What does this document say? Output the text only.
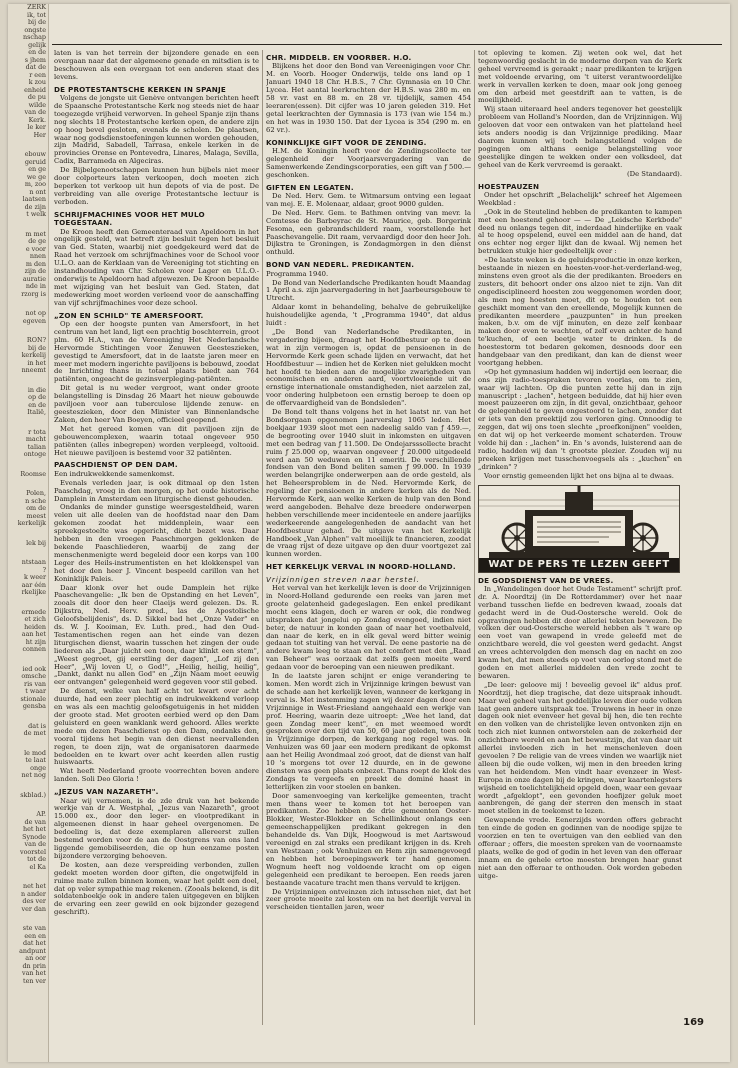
ZERK

ik, tot

bij de

ongste

nschap

gelijk

en de

s jhem

dat de

r een

k zou

enheid

de pu

wilde

van de

Kerk.

le ker

Her

ebouw

geruid

en ge

we ge

m, zoo

n ont

laatsen

de zijn

t welk

m met

de ge

e voor

nnen

m den

zijn de

auratie

nde in

rzorg is

not op

egeven

RON?

bij de

kerkelij

in het

nneemt

in die

op de

en de

Italië,

r tota

macht

talian

ontoge

Roomse

Polen,

n sche

om de

meest

kerkelijk

lek bij

ntstaan

?

k weer

aar één

rkelijke

ermede

et zich

heiden

aan het

ht zijn

connen

ied ook

omsche

ris van

t waar

stionale

gensba

dat is

de met

le mod

te laat

onge

net nog

skblad.)

AP.

de van

het het

Synode

van de

voorstel

tot de

el Ka

net het

n ander

des ver

ver dan

ste van

een en

dat het

andpunt

an oor

dn prin

van het

ten ver

laten is van het terrein der bijzondere genade en een overgaan naar dat der algemeene genade en mitsdien is te beschouwen als een overgaan tot een anderen staat des levens.

DE PROTESTANTSCHE KERKEN IN SPANJE

Volgens de jongste uit Genève ontvangen berichten heeft de Spaansche Protestantsche Kerk nog steeds niet de haar toegezegde vrijheid verworven. In geheel Spanje zijn thans nog slechts 18 Protestantsche kerken open, de andere zijn op hoog bevel gesloten, evenals de scholen. De plaatsen, waar nog godsdienstoefeningen kunnen worden gehouden, zijn Madrid, Sabadell, Tarrasa, enkele kerken in de provincies Orense en Pontevedra, Linares, Malaga, Sevilla, Cadix, Barrameda en Algeciras.

De Bijbelgenootschappen kunnen hun bijbels niet meer door colporteurs laten verkoopen, doch moeten zich beperken tot verkoop uit hun depots of via de post. De verbreiding van alle overige Protestantsche lectuur is verboden.

SCHRIJFMACHINES VOOR HET MULO TOEGESTAAN.

De Kroon heeft den Gemeenteraad van Apeldoorn in het ongelijk gesteld, wat betreft zijn besluit tegen het besluit van Ged. Staten, waarbij niet goedgekeurd werd dat de Raad het verzoek om schrijfmachines voor de School voor U.L.O. aan de Kerklaan van de Vereeniging tot stichting en instandhouding van Chr. Scholen voor Lager en U.L.O.-onderwijs te Apeldoorn had afgewezen. De Kroon bepaalde met wijziging van het besluit van Ged. Staten, dat medewerking moet worden verleend voor de aanschaffing van vijf schrijfmachines voor deze school.

„ZON EN SCHILD" TE AMERSFOORT.

Op een der hoogste punten van Amersfoort, in het centrum van het land, ligt een prachtig boschterrein, groot plm. 60 H.A., van de Vereeniging Het Nederlandsche Hervormde Stichtingen voor Zenuwen Geesteszieken, gevestigd te Amersfoort, dat in de laatste jaren meer en meer met modern ingerichte paviljoens is bebouwd, zoodat de Inrichting thans in totaal plaats biedt aan 764 patiënten, ongeacht de gezinsverpleging-patiënten.

Dit getal is nu weder vergroot, want onder groote belangstelling is Dinsdag 26 Maart het nieuw gebouwde paviljoen voor aan tuberculose lijdende zenuw- en geesteszieken, door den Minister van Binnenlandsche Zaken, den heer Van Boeyen, officieel geopend.

Met het gereed komen van dit paviljoen zijn de gebouwencomplexen, waarin totaal ongeveer 950 patiënten (alles inbegrepen) worden verpleegd, voltooid. Het nieuwe paviljoen is bestemd voor 32 patiënten.

PAASCHDIENST OP DEN DAM.

Een indrukwekkende samenkomst.

Evenals verleden jaar, is ook ditmaal op den 1sten Paaschdag, vroeg in den morgen, op het oude historische Damplein in Amsterdam een liturgische dienst gehouden.

Ondanks de minder gunstige weersgesteldheid, waren velen uit alle deelen van de hoofdstad naar den Dam gekomen zoodat het middenplein, waar een spreekgestoelte was opgericht, dicht bezet was. Daar hebben in den vroegen Paaschmorgen geklonken de bekende Paaschliederen, waarbij de zang der menschenmenigte werd begeleid door een korps van 100 Leger des Heils-instrumentisten en het klokkenspel van het door den heer J. Vincent bespeeld carillon van het Koninklijk Paleis.

Daar klonk over het oude Damplein het rijke Paaschevangelie: „Ik ben de Opstanding en het Leven", zooals dit door den heer Claeijs werd gelezen. Ds. R. Dijkstra, Ned. Herv. pred., las de Apostolische Geloofsbelijdenis", ds. D. Sikkel bad het „Onze Vader" en ds. W. J. Kooiman, Ev. Luth. pred., had den Oud-Testamentischen regen aan het einde van dezen liturgischen dienst, waarin tusschen het zingen der oude liederen als „Daar juicht een toon, daar klinkt een stem", „Weest gegroet, gij eerstling der dagen", „Lof zij den Heer", „Wij loven U, o God!", „Heilig, heilig, heilig", „Dankt, dankt nu allen God" en „Zijn Naam moet eeuwig eer ontvangen" gelegenheid werd gegeven voor stil gebed.

De dienst, welke van half acht tot kwart over acht duurde, had een zeer plechtig en indrukwekkend verloop en was als een machtig geloofsgetuigenis in het midden der groote stad. Met grooten eerbied werd op den Dam geluisterd en geen wanklank werd gehoord. Alles werkte mede om dezen Paaschdienst op den Dam, ondanks den, vooral tijdens het begin van den dienst neervallenden regen, te doen zijn, wat de organisatoren daarmede bedoelden en te kwart over acht keerden allen rustig huiswaarts.

Wat heeft Nederland groote voorrechten boven andere landen. Soli Deo Gloria !

„JEZUS VAN NAZARETH".

Naar wij vernemen, is de zde druk van het bekende werkje van dr A. Westphal, „Jezus van Nazareth", groot 15.000 ex., door den leger- en vlootpredikant in algemeenen dienst in haar geheel overgenomen. De bedoeling is, dat deze exemplaren allereerst zullen bestemd worden voor de aan de Oostgrens van ons land liggende gemobiliseerden, die op hun eenzame posten bijzondere verzorging behoeven.

De kosten, aan deze verspreiding verbonden, zullen gedekt moeten worden door giften, die ongetwijfeld in ruime mate zullen binnen komen, waar het geldt een doel, dat op veler sympathie mag rekenen. (Zooals bekend, is dit soldatenboekje ook in andere talen uitgegeven en blijken de ervaring een zeer gewild en ook bijzonder gezegend geschrift).

CHR. MIDDELB. EN VOORBER. H.O.

Blijkens het door den Bond van Vereenigingen voor Chr. M. en Voorb. Hooger Onderwijs, telde ons land op 1 Januari 1940 18 Chr. H.B.S., 7 Chr. Gymnasia en 10 Chr. Lycea. Het aantal leerkrachten der H.B.S. was 280 m. en 58 vr. vast en 88 m. en 28 vr. tijdelijk, samen 454 leeraren(essen). Dit cijfer was 10 jaren geleden 319. Het getal leerkrachten der Gymnasia is 173 (van wie 154 m.) en het was in 1930 150. Dat der Lycea is 354 (290 m. en 62 vr.).

KONINKLIJKE GIFT VOOR DE ZENDING.

H.M. de Koningin heeft voor de Zendingscollecte ter gelegenheid der Voorjaarsvergadering van de Samenwerkende Zendingscorporaties, een gift van ƒ 500.— geschonken.

GIFTEN EN LEGATEN.

De Ned. Herv. Gem. te Witmarsum ontving een legaat van mej. E. E. Molenaar, aldaar, groot 9000 gulden.

De Ned. Herv. Gem. te Bathmen ontving van mevr. la Comtesse de Barbeyrac de St. Maurice, geb. Borgerink Fesoma, een gebrandschilderd raam, voorstellende het Paaschevangelie. Dit raam, vervaardigd door den heer Joh. Dijkstra te Groningen, is Zondagmorgen in den dienst onthuld.

BOND VAN NEDERL. PREDIKANTEN.

Programma 1940.

De Bond van Nederlandsche Predikanten houdt Maandag 1 April a.s. zijn jaarvergadering in het Jaarbeursgebouw te Utrecht.

Aldaar komt in behandeling, behalve de gebruikelijke huishoudelijke agenda, 't „Programma 1940", dat aldus luidt :

„De Bond van Nederlandsche Predikanten, in vergadering bijeen, draagt het Hoofdbestuur op te doen wat in zijn vermogen is, opdat de pensioenen in de Hervormde Kerk geen schade lijden en verwacht, dat het Hoofdbestuur — indien het de Kerken niet gelukken mocht het hoofd te bieden aan de mogelijke zwarigheden van economischen en anderen aard, voortvloeiende uit de ernstige internationale omstandigheden, niet aarzelen zal, voor ondering hulpbetoon een ernstig beroep te doen op de offervaardigheid van de Bondsleden".

De Bond telt thans volgens het in het laatst nr. van het Bondsorgaan opgenomen jaarverslag 1065 leden. Het boekjaar 1939 sloot met een nadeelig saldo van ƒ 459.—, de begrooting over 1940 sluit in inkomsten en uitgaven met een bedrag van ƒ 11.500. De Ondejarsssollecte bracht ruim ƒ 25.000 op, waarvan ongeveer ƒ 20.000 uitgedeeld werd aan 50 weduwen en 11 emeriti. De verschillende fondsen van den Bond beliten samen ƒ 99.000. In 1939 werden belangrijke onderwerpen aan de orde gesteld, als het Beheersproblem in de Ned. Hervormde Kerk, de regeling der pensioenen in andere kerken als de Ned. Hervormde Kerk, aan welke Kerken de hulp van den Bond werd aangeboden. Behalve deze breedere onderwerpen hebben verschillende meer incidenteele en andere jaarlijks wederkeerende aangelegenheden de aandacht van het Hoofdbestuur gehad. De uitgave van het Kerkelijk Handboek „Van Alphen" valt moeilijk te financieren, zoodat de vraag rijst of deze uitgave op den duur voortgezet zal kunnen worden.

HET KERKELIJK VERVAL IN NOORD-HOLLAND.
Vrijzinnigen streven naar herstel.

Het verval van het kerkelijk leven is door de Vrijzinnigen in Noord-Holland gedurende een reeks van jaren met groote gelatenheid gadegeslagen. Een enkel predikant mocht eens klagen, doch er waren er ook, die rondweg uitspraken dat jongelui op Zondag evengoed, indien niet beter, de natuur in konden gaan of naar het voetbalveld, dan naar de kerk, en in elk geval werd bitter weinig gedaan tot stuiting van het verval. De eene pastorie na de andere kwam leeg te staan en het comfort met den „Raad van Beheer" was oorzaak dat zelfs geen moeite werd gedaan voor de beroeping van een nieuwen predikant.

In de laatste jaren schijnt er enige verandering te komen. Men wordt zich in Vrijzinnige kringen bewust van de schade aan het kerkelijk leven, wanneer de kerkgang in verval is. Met instemming zagen wij dezer dagen door een Vrijzinnige in West-Friesland aangehaald een werkje van prof. Heering, waarin deze uitroept: „Wee het land, dat geen Zondag meer kent", en met weemoed wordt gesproken over den tijd van 50, 60 jaar geleden, toen ook in Vrijzinnige dorpen, de kerkgang nog regel was. In Venhuizen was 60 jaar een modern predikant de opkomst aan het Heilig Avondmaal zoó groot, dat de dienst van half 10 's morgens tot over 12 duurde, en in de gewone diensten was geen plaats onbezet. Thans roept de klok des Zondags te vergeefs en preekt de dominé haast in letterlijken zin voor stoelen en banken.

Door samenvoeging van kerkelijke gemeenten, tracht men thans weer te komen tot het beroepen van predikanten. Zoo hebben de drie gemeenten Ooster-Blokker, Wester-Blokker en Schellinkhout onlangs een gemeenschappelijken predikant gekregen in den behandelde ds. Van Dijk, Hoogwoud is met Aartswoud vereenigd en zal straks een predikant krijgen in ds. Kreh van Westzaan ; ook Venhuizen en Hem zijn samengevoegd en hebben het beroepingswerk ter hand genomen. Wognum heeft nog voldoende kracht om op eigen gelegenheid een predikant te beroepen. Een reeds jaren bestaande vacature tracht men thans vervuld te krijgen.

De Vrijzinnigen ontveinzen zich intusschen niet, dat het zeer groote moeite zal kosten om na het deerlijk verval in verscheiden tientallen jaren, weer

tot opleving te komen. Zij weten ook wel, dat het tegenwoordig geslacht in de moderne dorpen van de Kerk geheel vervreemd is geraakt ; naar predikanten te krijgen met voldoende ervaring, om 't uiterst verantwoordelijke werk in vervallen kerken te doen, maar ook jong genoeg om den arbeid met geestdrift aan te vatten, is de moeilijkheid.

Wij staan uiteraard heel anders tegenover het geestelijk probleem van Holland's Noorden, dan de Vrijzinnigen. Wij gelooven dat voor een ontwaken van het platteland heel iets anders noodig is dan Vrijzinnige prediking. Maar daarom kunnen wij toch belangstellend volgen de pogingen om althans eenige belangstelling voor geestelijke dingen te wekken onder een volksdeel, dat geheel van de Kerk vervreemd is geraakt.

(De Standaard).

HOESTPAUZEN

Onder het opschrift „Belachelijk" schreef het Algemeen Weekblad :

„Ook in de Steutelind hebben de predikanten te kampen met een hoestend gehoor — — De „Leidsche Kerkbode" deed nu onlangs tegen dit, inderdaad hinderlijke en vaak al te hoog opspelend, euvel een middel aan de hand, dat ons echter nog erger lijkt dan de kwaal. Wij nemen het betrukken stukje hier gedeeltelijk over :

»De laatste weken is de geluidsproductie in onze kerken, bestaande in niezen en hoesten-voor-het-verderland-weg, minstens even groot als die der predikanten. Broeders en zusters, dit behoort onder ons alzoo niet te zijn. Van dit ongedisciplineerd hoesten zou weggenomen worden door, als men nog hoesten moet, dit op te houden tot een geschikt moment van den ereellende, Mogelijk kunnen de predikanten meerdere „pauzpunten" in hun preeken maken, b.v. om de vijf minuten, en deze zelf kenbaar maken door even te wachten, of zelf even achter de hand te'kuchen, of een beetje water te drinken. Is de hoestestorm tot bedaren gekomen, desnoods door een handgebaar van den predikant, dan kan de dienst weer voortgang hebben.

»Op het gymnasium hadden wij indertijd een leeraar, die ons zijn radio-toespraken tevoren voorlas, om te zien, waar wij lachten. Op die punten zette hij dan in zijn manuscript : „lachen", hetgeen beduidde, dat hij hier even moest pauzeeren om zijn, in dit geval, onzichtbaar, gehoor de gelegenheid te geven ongestoord te lachen, zonder dat er iets van den preektijd zou verloren ging. Onnoodig te zeggen, dat wij ons toen slechte „proefkonijnen" voelden, en dat wij op het verkeerde moment schaterden. Trouw volde hij dan : „lachen" in. En 's avonds, luisterend aan de radio, hadden wij dan 't grootste plezier. Zouden wij nu preeken krijgen met tusschenvoegsels als : „kuchen" en „drinken" ?

Voor ernstig gemeenden lijkt het ons bijna al te dwaas.

WAT DE PERS TE LEZEN GEEFT
DE GODSDIENST VAN DE VREES.

In „Wandelingen door het Oude Testament" schrijft prof. dr. A. Noordtzij (in De Rotterdammer) over het naar verband tusschen liefde en bedreven kwaad, zooals dat gedacht werd in de Oud-Oostersche wereld. Ook de opgravingen hebben dit door allerlei teksten bewezen. De volken der oud-Oostersche wereld hebben als 't ware op een voet van gewapend in vrede geleefd met de onzichtbare wereld, die vol geesten werd gedacht. Angst en vrees achtervolgden den mensch dag en nacht en zoo kwam het, dat men steeds op voet van oorlog stond met de goden en met allerlei middelen den vrede zocht te bewaren.

„De leer: geloove mij ! beveelig gevoel ik" aldus prof. Noordtzij, het diep tragische, dat deze uitspraak inhoudt. Maar wel geheel van het goddelijke leven dier oude volken laat geen andere uitspraak toe. Trouwens in heer in onze dagen ook niet evenveer het geval bij hen, die ten rechte en den volken van de christelijke leven ontvonken zijn en toch zich niet kunnen ontworstelen aan de zekerheid der onzichtbare wereld en aan het bewustzijn, dat van daar uit allerlei invloeden zich in het menschenleven doen gevoelen ? De religie van de vrees vinden we waarlijk niet alleen bij die oude volken, wij men in den breeden kring van het heidendom. Men vindt haar evenzeer in West-Europa in onze dagen bij de kringen, waar kaartenlegsters wijsheid en toelichtelijkheid opgeld doen, waar een gevaar wordt „afgeklopt", een gevonden hoefijzer geluk moet aanbrengen, de gang der sterren den mensch in staat moet stellen in de toekomst te lezen.

Gewapende vrede. Eenerzijds worden offers gebracht ten einde de goden en godinnen van de noodige spijze te voorzien en ten te overtuigen van den eeblied van den offeraar ; offers, die moesten spreken van de voornaamste plaats, welke de god of godin in het leven van den offeraar innam en de gehele ertoe moesten brengen haar gunst niet aan den offeraar te onthouden. Ook worden gebeden uitge-

169
